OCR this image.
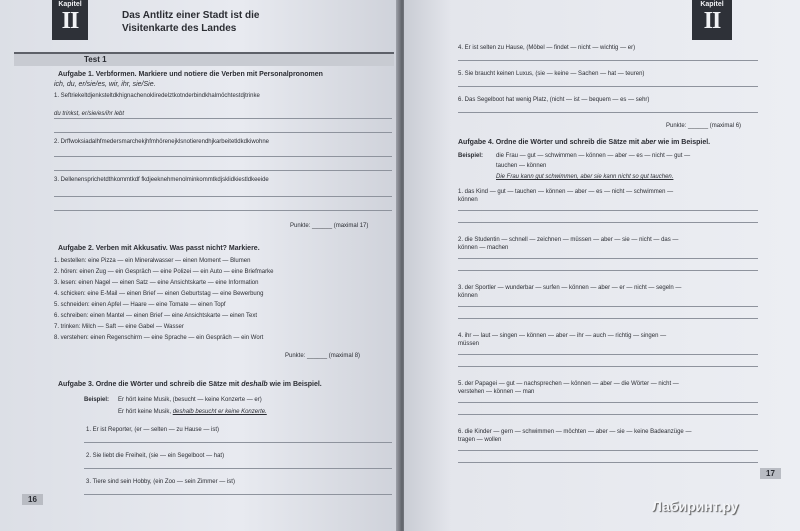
Kapitel
II	Das Antlitz einer Stadt ist die
Visitenkarte des Landes
Test 1
Aufgabe 1. Verbformen. Markiere und notiere die Verben mit Personalpronomen
ich, du, er/sie/es, wir, ihr, sie/Sie.
1. Seftriekeltdjenksteltdkhignachenokliredelztkotnderbindkhalmöchtestdjtrinke
du trinkst, er/sie/es/ihr lebt
2. Drffwoksiadalhfmedersmarchekjhfmhörenejklsnotierendhjkarbeitetldkdkiwohne
3. Dellenensprichetdthkommtkdf fkdjeeknehmenolminkommtkdjsklidkiestldkeeide
Punkte: ______ (maximal 17)
Aufgabe 2. Verben mit Akkusativ. Was passt nicht? Markiere.
1. bestellen: eine Pizza — ein Mineralwasser — einen Moment — Blumen
2. hören: einen Zug — ein Gespräch — eine Polizei — ein Auto — eine Briefmarke
3. lesen: einen Nagel — einen Satz — eine Ansichtskarte — eine Information
4. schicken: eine E-Mail — einen Brief — einen Geburtstag — eine Bewerbung
5. schneiden: einen Apfel — Haare — eine Tomate — einen Topf
6. schreiben: einen Mantel — einen Brief — eine Ansichtskarte — einen Text
7. trinken: Milch — Saft — eine Gabel — Wasser
8. verstehen: einen Regenschirm — eine Sprache — ein Gespräch — ein Wort
Punkte: ______ (maximal 8)
Aufgabe 3. Ordne die Wörter und schreib die Sätze mit deshalb wie im Beispiel.
Beispiel: Er hört keine Musik, (besucht — keine Konzerte — er)
Er hört keine Musik, deshalb besucht er keine Konzerte.
1. Er ist Reporter, (er — selten — zu Hause — ist)
2. Sie liebt die Freiheit, (sie — ein Segelboot — hat)
3. Tiere sind sein Hobby, (ein Zoo — sein Zimmer — ist)
16
Kapitel
II
4. Er ist selten zu Hause, (Möbel — findet — nicht — wichtig — er)
5. Sie braucht keinen Luxus, (sie — keine — Sachen — hat — teuren)
6. Das Segelboot hat wenig Platz, (nicht — ist — bequem — es — sehr)
Punkte: ______ (maximal 6)
Aufgabe 4. Ordne die Wörter und schreib die Sätze mit aber wie im Beispiel.
Beispiel: die Frau — gut — schwimmen — können — aber — es — nicht — gut —
tauchen — können
Die Frau kann gut schwimmen, aber sie kann nicht so gut tauchen.
1. das Kind — gut — tauchen — können — aber — es — nicht — schwimmen —
können
2. die Studentin — schnell — zeichnen — müssen — aber — sie — nicht — das —
können — machen
3. der Sportler — wunderbar — surfen — können — aber — er — nicht — segeln —
können
4. ihr — laut — singen — können — aber — ihr — auch — richtig — singen —
müssen
5. der Papagei — gut — nachsprechen — können — aber — die Wörter — nicht —
verstehen — können — man
6. die Kinder — gern — schwimmen — möchten — aber — sie — keine Badeanzüge —
tragen — wollen
17
Лабиринт.ру
